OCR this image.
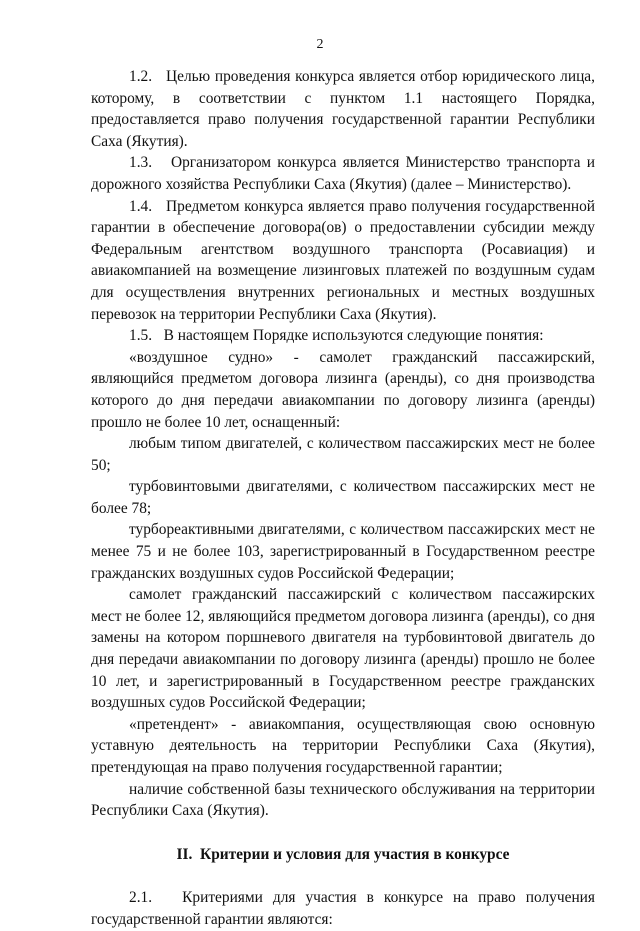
2

1.2.   Целью проведения конкурса является отбор юридического лица, которому, в соответствии с пунктом 1.1 настоящего Порядка, предоставляется право получения государственной гарантии Республики Саха (Якутия).

1.3.   Организатором конкурса является Министерство транспорта и дорожного хозяйства Республики Саха (Якутия) (далее – Министерство).

1.4.   Предметом конкурса является право получения государственной гарантии в обеспечение договора(ов) о предоставлении субсидии между Федеральным агентством воздушного транспорта (Росавиация) и авиакомпанией на возмещение лизинговых платежей по воздушным судам для осуществления внутренних региональных и местных воздушных перевозок на территории Республики Саха (Якутия).

1.5.   В настоящем Порядке используются следующие понятия:

«воздушное судно» - самолет гражданский пассажирский, являющийся предметом договора лизинга (аренды), со дня производства которого до дня передачи авиакомпании по договору лизинга (аренды) прошло не более 10 лет, оснащенный:

любым типом двигателей, с количеством пассажирских мест не более 50;

турбовинтовыми двигателями, с количеством пассажирских мест не более 78;

турбореактивными двигателями, с количеством пассажирских мест не менее 75 и не более 103, зарегистрированный в Государственном реестре гражданских воздушных судов Российской Федерации;

самолет гражданский пассажирский с количеством пассажирских мест не более 12, являющийся предметом договора лизинга (аренды), со дня замены на котором поршневого двигателя на турбовинтовой двигатель до дня передачи авиакомпании по договору лизинга (аренды) прошло не более 10 лет, и зарегистрированный в Государственном реестре гражданских воздушных судов Российской Федерации;

«претендент» - авиакомпания, осуществляющая свою основную уставную деятельность на территории Республики Саха (Якутия), претендующая на право получения государственной гарантии;

наличие собственной базы технического обслуживания на территории Республики Саха (Якутия).

II.  Критерии и условия для участия в конкурсе

2.1.   Критериями для участия в конкурсе на право получения государственной гарантии являются:
